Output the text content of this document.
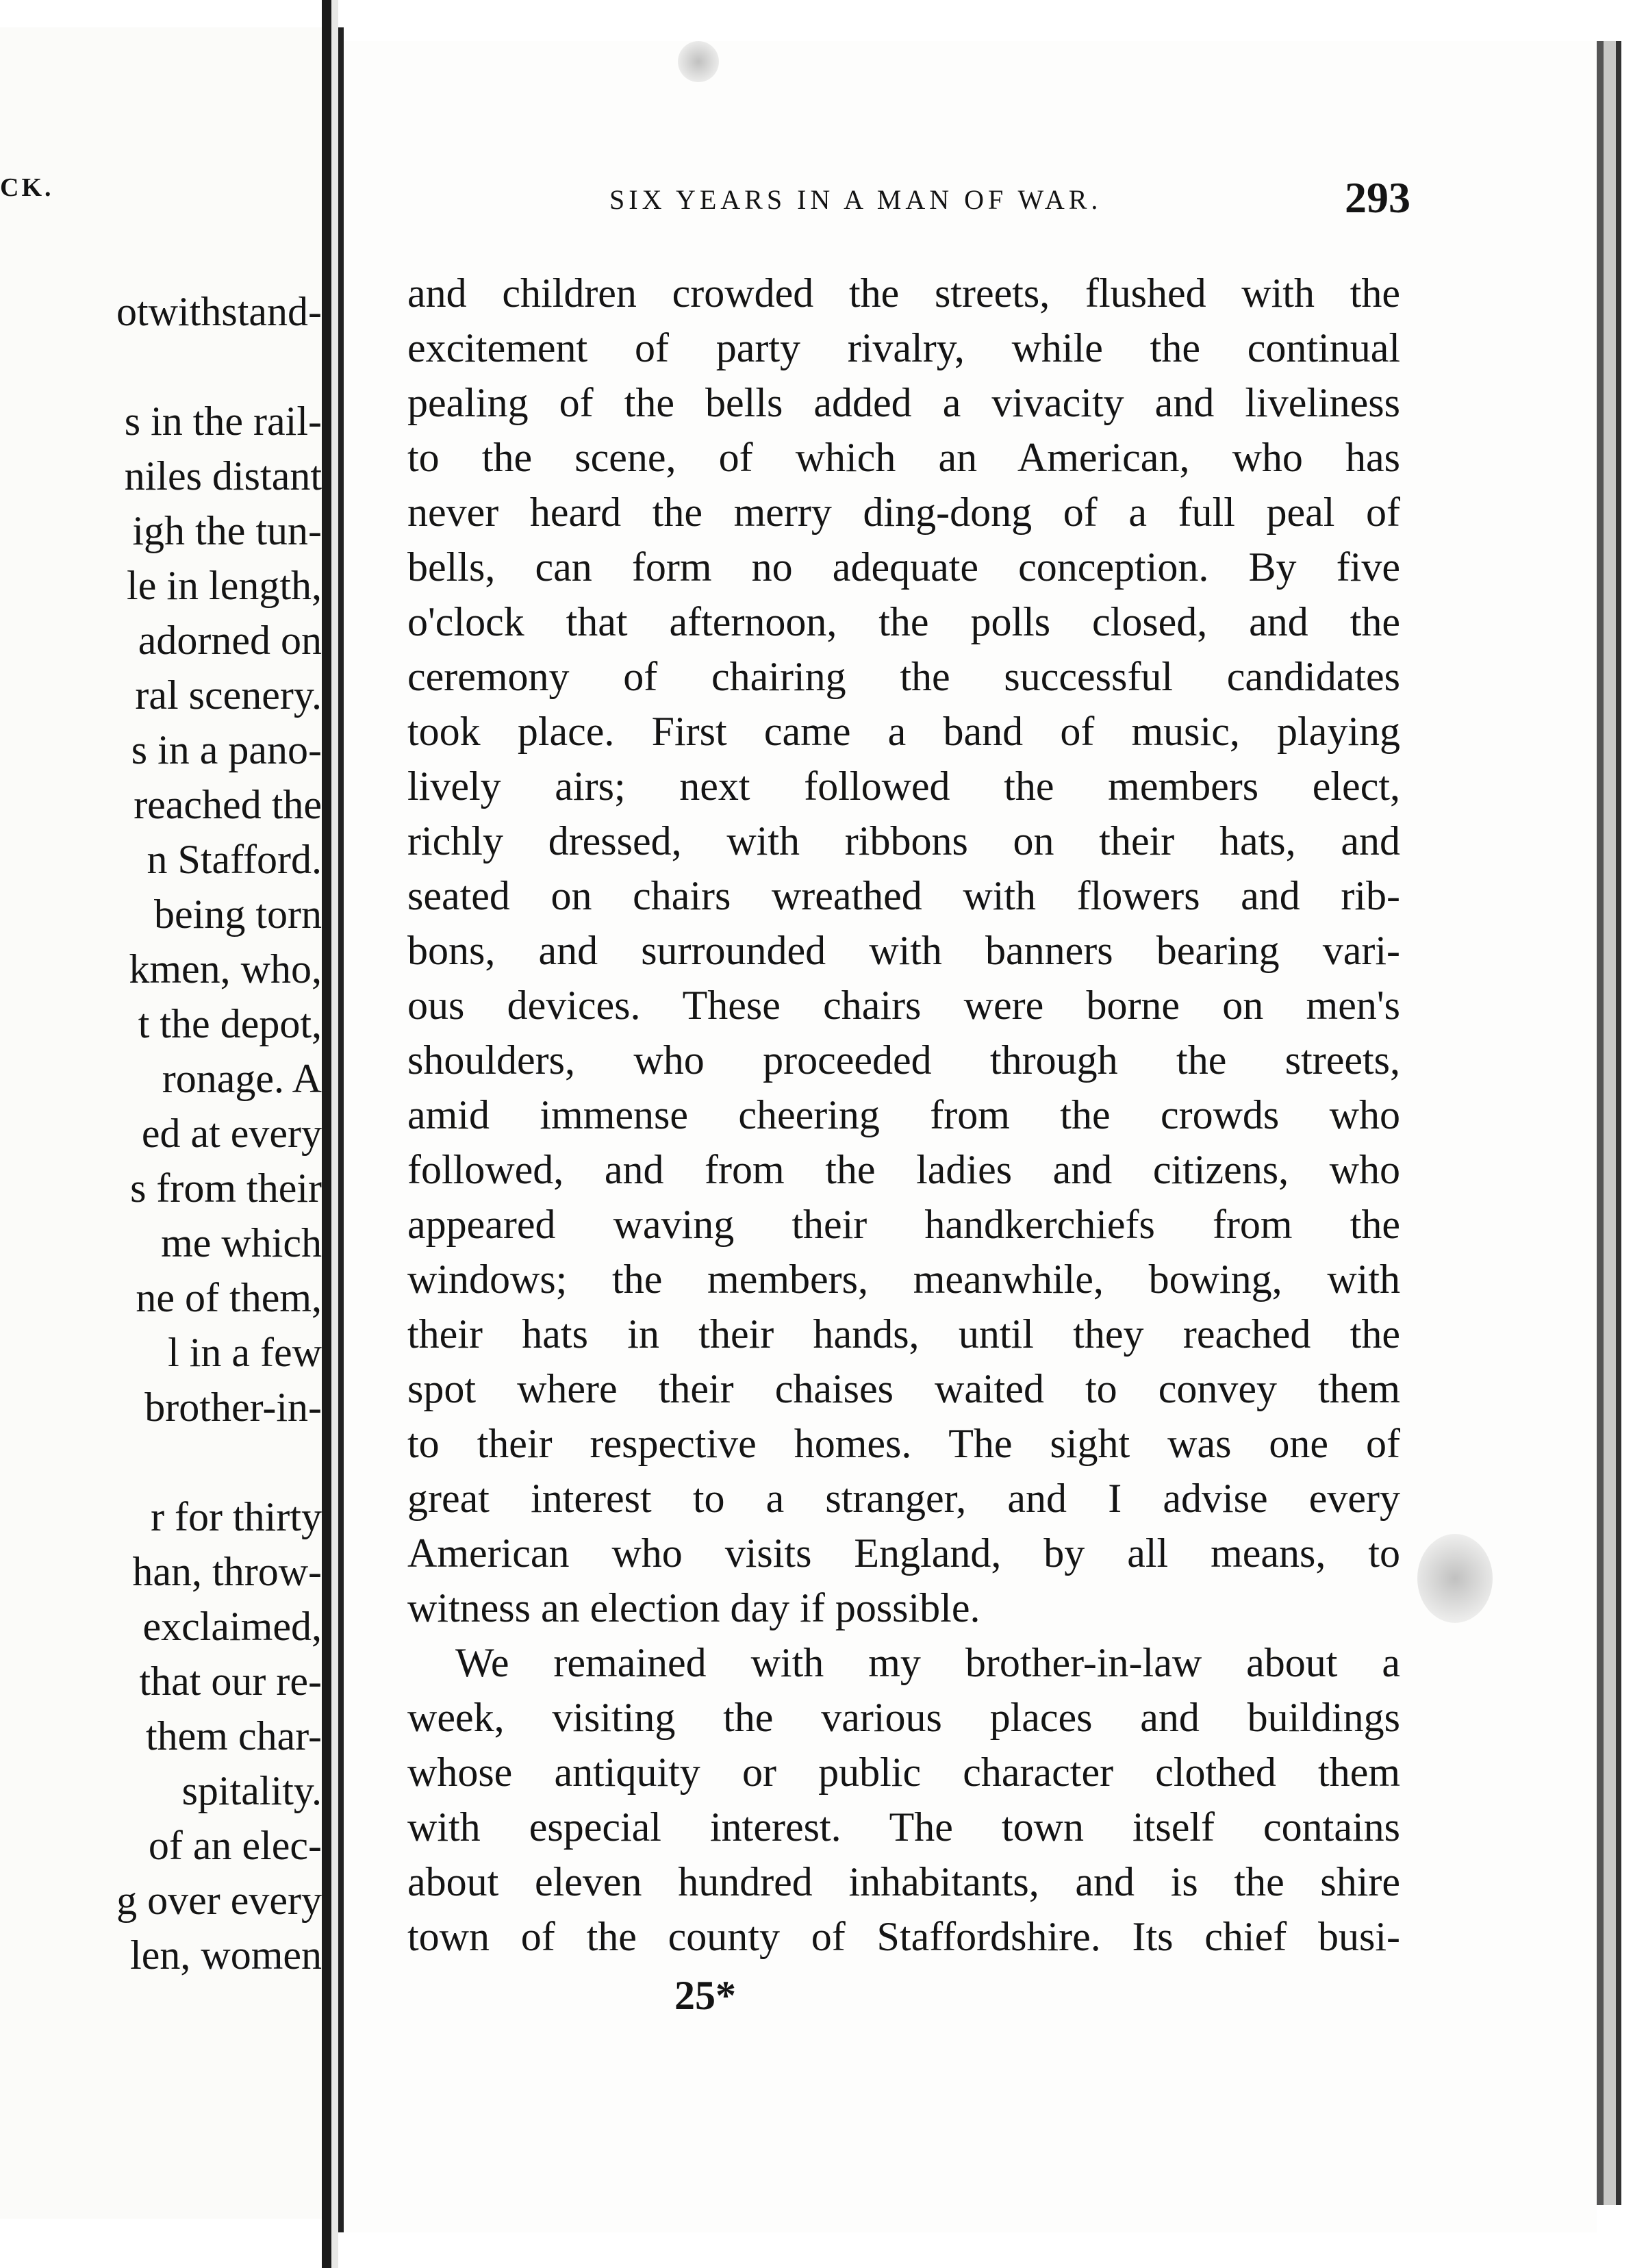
CK.
otwithstand-
s in the rail-
niles distant
igh the tun-
le in length,
adorned on
ral scenery.
s in a pano-
reached the
n Stafford.
being torn
kmen, who,
t the depot,
ronage. A
ed at every
s from their
me which
ne of them,
l in a few
brother-in-
r for thirty
han, throw-
exclaimed,
that our re-
them char-
spitality.
of an elec-
g over every
len, women
SIX YEARS IN A MAN OF WAR.	293
and children crowded the streets, flushed with the
excitement of party rivalry, while the continual
pealing of the bells added a vivacity and liveliness
to the scene, of which an American, who has
never heard the merry ding-dong of a full peal of
bells, can form no adequate conception. By five
o'clock that afternoon, the polls closed, and the
ceremony of chairing the successful candidates
took place. First came a band of music, playing
lively airs; next followed the members elect,
richly dressed, with ribbons on their hats, and
seated on chairs wreathed with flowers and rib-
bons, and surrounded with banners bearing vari-
ous devices. These chairs were borne on men's
shoulders, who proceeded through the streets,
amid immense cheering from the crowds who
followed, and from the ladies and citizens, who
appeared waving their handkerchiefs from the
windows; the members, meanwhile, bowing, with
their hats in their hands, until they reached the
spot where their chaises waited to convey them
to their respective homes. The sight was one of
great interest to a stranger, and I advise every
American who visits England, by all means, to
witness an election day if possible.
We remained with my brother-in-law about a
week, visiting the various places and buildings
whose antiquity or public character clothed them
with especial interest. The town itself contains
about eleven hundred inhabitants, and is the shire
town of the county of Staffordshire. Its chief busi-
25*
